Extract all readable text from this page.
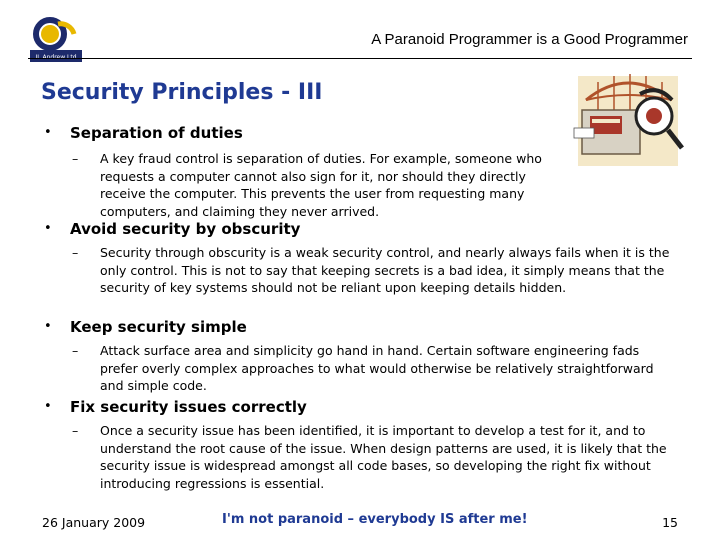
A Paranoid Programmer is a Good Programmer
Security Principles - III
• Separation of duties
– A key fraud control is separation of duties. For example, someone who requests a computer cannot also sign for it, nor should they directly receive the computer. This prevents the user from requesting many computers, and claiming they never arrived.
• Avoid security by obscurity
– Security through obscurity is a weak security control, and nearly always fails when it is the only control. This is not to say that keeping secrets is a bad idea, it simply means that the security of key systems should not be reliant upon keeping details hidden.
• Keep security simple
– Attack surface area and simplicity go hand in hand. Certain software engineering fads prefer overly complex approaches to what would otherwise be relatively straightforward and simple code.
• Fix security issues correctly
– Once a security issue has been identified, it is important to develop a test for it, and to understand the root cause of the issue. When design patterns are used, it is likely that the security issue is widespread amongst all code bases, so developing the right fix without introducing regressions is essential.
26 January 2009	I'm not paranoid – everybody IS after me!	15
